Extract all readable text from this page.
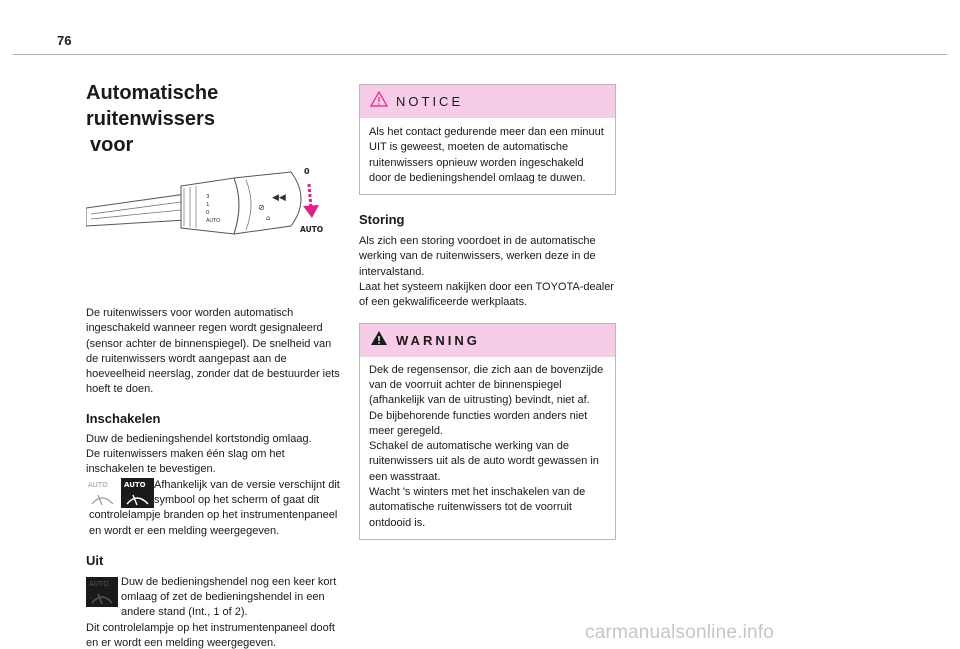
76
Automatische ruitenwissers
voor
⊘
◀◀
⌂
3
1
0
AUTO
0
AUTO

De ruitenwissers voor worden automatisch ingeschakeld wanneer regen wordt gesignaleerd (sensor achter de binnenspiegel). De snelheid van de ruitenwissers wordt aangepast aan de hoeveelheid neerslag, zonder dat de bestuurder iets hoeft te doen.

Inschakelen

Duw de bedieningshendel kortstondig omlaag.

De ruitenwissers maken één slag om het inschakelen te bevestigen.

AUTO AUTO Afhankelijk van de versie verschijnt dit symbool op het scherm of gaat dit controlelampje branden op het instrumentenpaneel en wordt er een melding weergegeven.

Uit
AUTO	Duw de bedieningshendel nog een keer kort omlaag of zet de bedieningshendel in een andere stand (Int., 1 of 2).

Dit controlelampje op het instrumentenpaneel dooft en er wordt een melding weergegeven.

NOTICE

Als het contact gedurende meer dan een minuut UIT is geweest, moeten de automatische ruitenwissers opnieuw worden ingeschakeld door de bedieningshendel omlaag te duwen.

Storing

Als zich een storing voordoet in de automatische werking van de ruitenwissers, werken deze in de intervalstand.

Laat het systeem nakijken door een TOYOTA-dealer of een gekwalificeerde werkplaats.

WARNING

Dek de regensensor, die zich aan de bovenzijde van de voorruit achter de binnenspiegel (afhankelijk van de uitrusting) bevindt, niet af.

De bijbehorende functies worden anders niet meer geregeld.

Schakel de automatische werking van de ruitenwissers uit als de auto wordt gewassen in een wasstraat.

Wacht 's winters met het inschakelen van de automatische ruitenwissers tot de voorruit ontdooid is.

carmanualsonline.info
